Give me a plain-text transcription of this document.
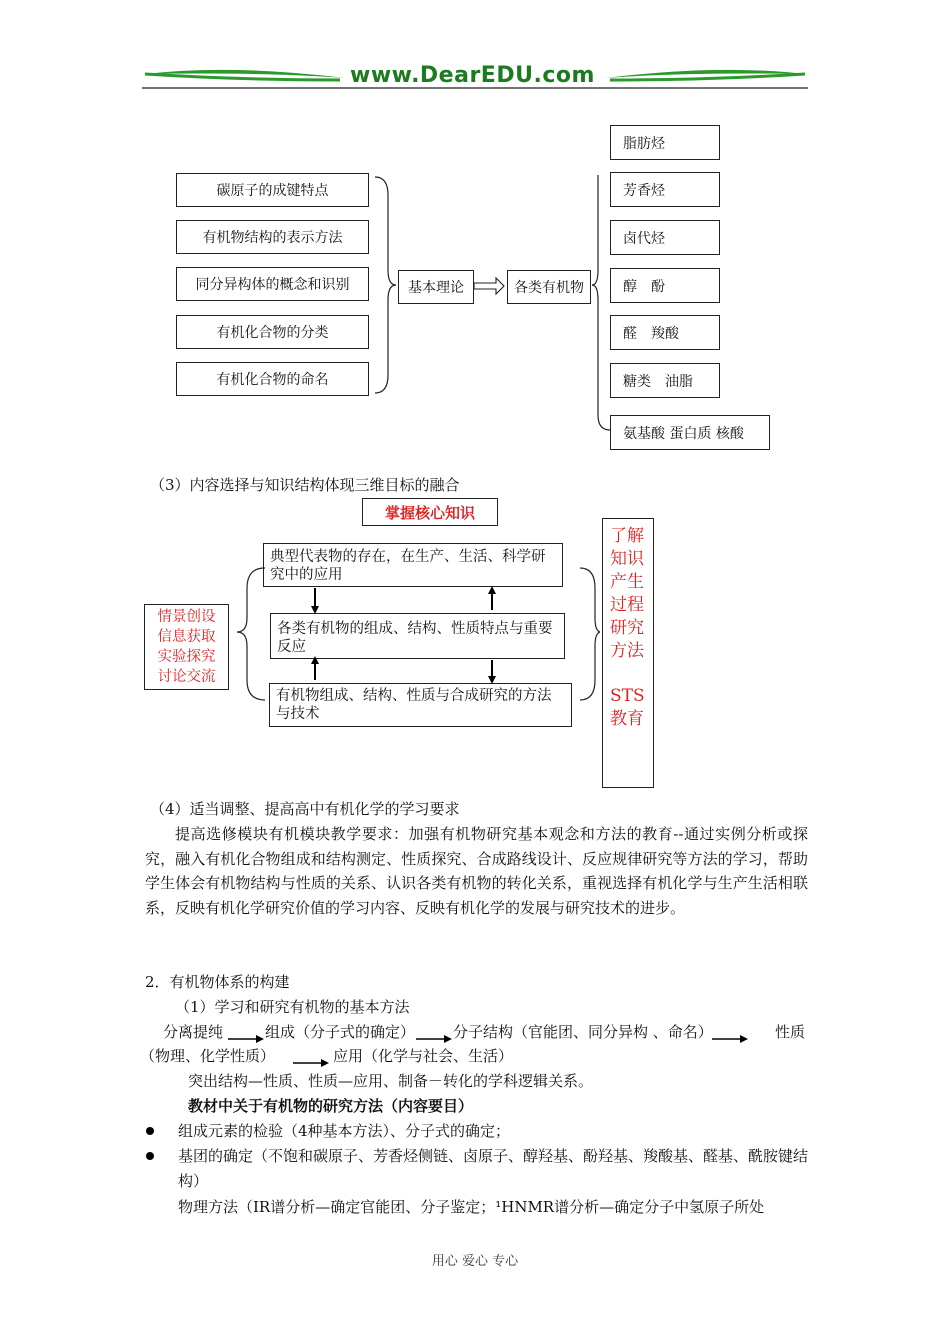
www.DearEDU.com
碳原子的成键特点
有机物结构的表示方法
同分异构体的概念和识别
有机化合物的分类
有机化合物的命名
基本理论	各类有机物
脂肪烃
芳香烃
卤代烃
醇　酚
醛　羧酸
糖类　油脂
氨基酸 蛋白质 核酸
（3）内容选择与知识结构体现三维目标的融合
掌握核心知识
典型代表物的存在，在生产、生活、科学研究中的应用
各类有机物的组成、结构、性质特点与重要反应
有机物组成、结构、性质与合成研究的方法与技术
情景创设
信息获取
实验探究
讨论交流
了解
知识
产生
过程
研究
方法
STS
教育
（4）适当调整、提高高中有机化学的学习要求
提高选修模块有机模块教学要求：加强有机物研究基本观念和方法的教育--通过实例分析或探究，融入有机化合物组成和结构测定、性质探究、合成路线设计、反应规律研究等方法的学习，帮助学生体会有机物结构与性质的关系、认识各类有机物的转化关系，重视选择有机化学与生产生活相联系，反映有机化学研究价值的学习内容、反映有机化学的发展与研究技术的进步。
2．有机物体系的构建
（1）学习和研究有机物的基本方法
分离提纯	组成（分子式的确定）	分子结构（官能团、同分异构 、命名）	性质
（物理、化学性质）	应用（化学与社会、生活）
突出结构—性质、性质—应用、制备－转化的学科逻辑关系。
教材中关于有机物的研究方法（内容要目）
组成元素的检验（4种基本方法）、分子式的确定；
基团的确定（不饱和碳原子、芳香烃侧链、卤原子、醇羟基、酚羟基、羧酸基、醛基、酰胺键结构）
物理方法（IR谱分析—确定官能团、分子鉴定；¹HNMR谱分析—确定分子中氢原子所处
用心 爱心 专心
